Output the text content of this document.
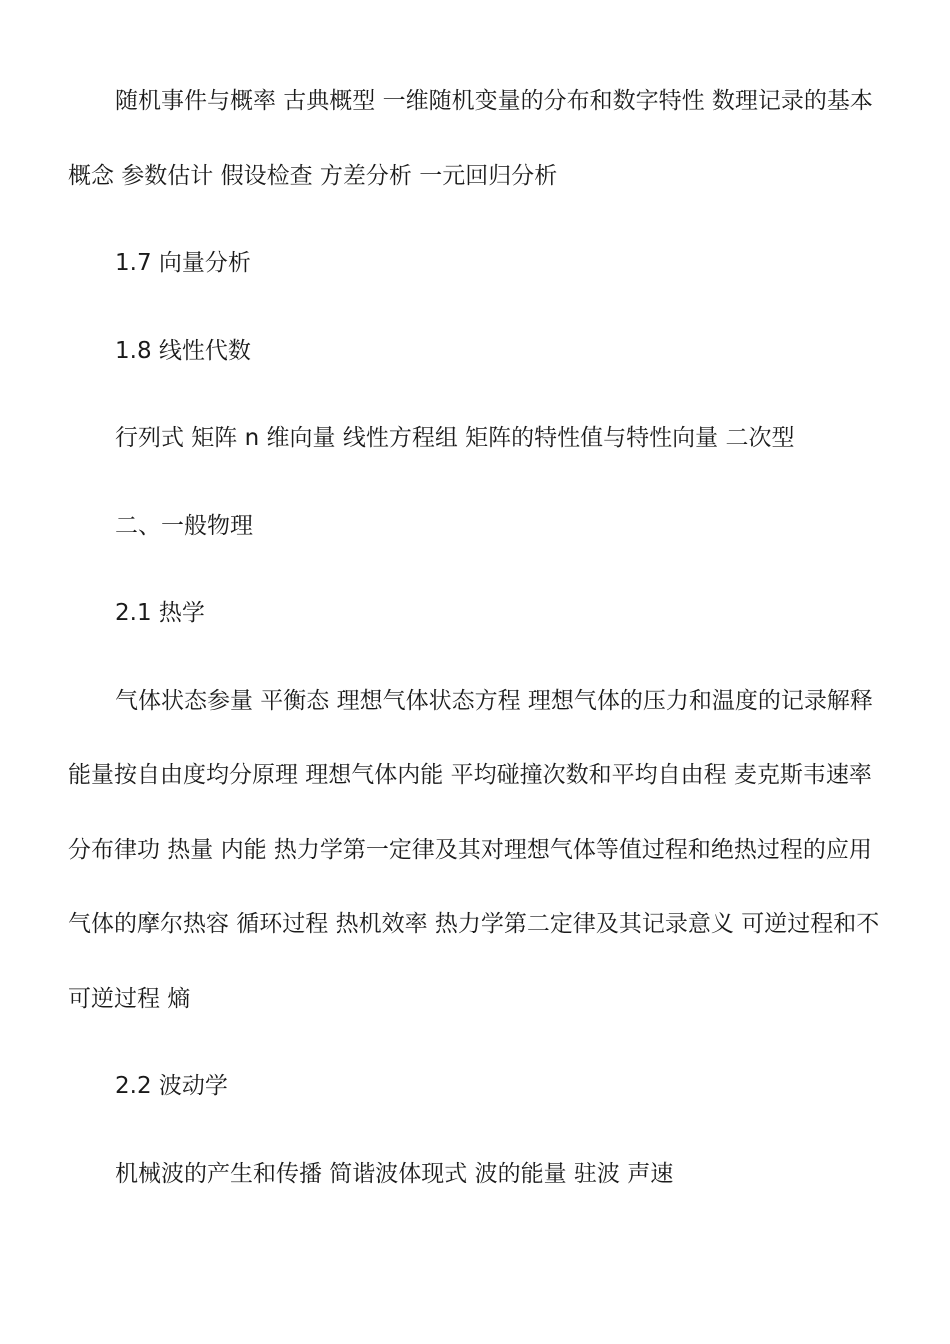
随机事件与概率 古典概型 一维随机变量的分布和数字特性 数理记录的基本概念 参数估计 假设检查 方差分析 一元回归分析

1.7 向量分析

1.8 线性代数

行列式 矩阵 n 维向量 线性方程组 矩阵的特性值与特性向量 二次型

二、一般物理

2.1 热学

气体状态参量 平衡态 理想气体状态方程 理想气体的压力和温度的记录解释 能量按自由度均分原理 理想气体内能 平均碰撞次数和平均自由程 麦克斯韦速率分布律功 热量 内能 热力学第一定律及其对理想气体等值过程和绝热过程的应用 气体的摩尔热容 循环过程 热机效率 热力学第二定律及其记录意义 可逆过程和不可逆过程 熵

2.2 波动学

机械波的产生和传播 简谐波体现式 波的能量 驻波 声速
